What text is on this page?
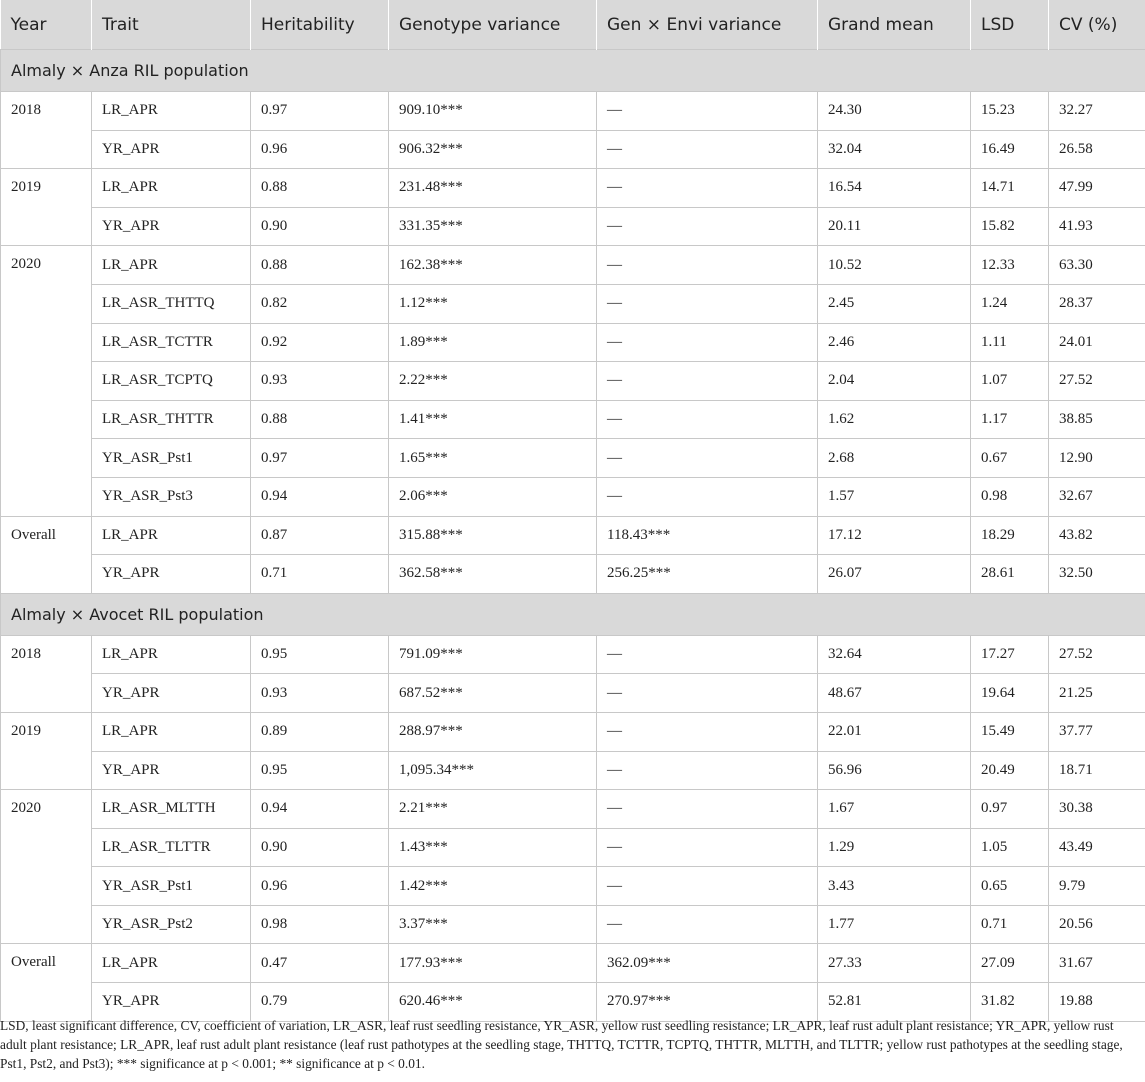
Year	Trait	Heritability	Genotype variance	Gen × Envi variance	Grand mean	LSD	CV (%)
Almaly × Anza RIL population							
2018	LR_APR	0.97	909.10***	—	24.30	15.23	32.27
	YR_APR	0.96	906.32***	—	32.04	16.49	26.58
2019	LR_APR	0.88	231.48***	—	16.54	14.71	47.99
	YR_APR	0.90	331.35***	—	20.11	15.82	41.93
2020	LR_APR	0.88	162.38***	—	10.52	12.33	63.30
	LR_ASR_THTTQ	0.82	1.12***	—	2.45	1.24	28.37
	LR_ASR_TCTTR	0.92	1.89***	—	2.46	1.11	24.01
	LR_ASR_TCPTQ	0.93	2.22***	—	2.04	1.07	27.52
	LR_ASR_THTTR	0.88	1.41***	—	1.62	1.17	38.85
	YR_ASR_Pst1	0.97	1.65***	—	2.68	0.67	12.90
	YR_ASR_Pst3	0.94	2.06***	—	1.57	0.98	32.67
Overall	LR_APR	0.87	315.88***	118.43***	17.12	18.29	43.82
	YR_APR	0.71	362.58***	256.25***	26.07	28.61	32.50
Almaly × Avocet RIL population							
2018	LR_APR	0.95	791.09***	—	32.64	17.27	27.52
	YR_APR	0.93	687.52***	—	48.67	19.64	21.25
2019	LR_APR	0.89	288.97***	—	22.01	15.49	37.77
	YR_APR	0.95	1,095.34***	—	56.96	20.49	18.71
2020	LR_ASR_MLTTH	0.94	2.21***	—	1.67	0.97	30.38
	LR_ASR_TLTTR	0.90	1.43***	—	1.29	1.05	43.49
	YR_ASR_Pst1	0.96	1.42***	—	3.43	0.65	9.79
	YR_ASR_Pst2	0.98	3.37***	—	1.77	0.71	20.56
Overall	LR_APR	0.47	177.93***	362.09***	27.33	27.09	31.67
	YR_APR	0.79	620.46***	270.97***	52.81	31.82	19.88
LSD, least significant difference, CV, coefficient of variation, LR_ASR, leaf rust seedling resistance, YR_ASR, yellow rust seedling resistance; LR_APR, leaf rust adult plant resistance; YR_APR, yellow rust adult plant resistance; LR_APR, leaf rust adult plant resistance (leaf rust pathotypes at the seedling stage, THTTQ, TCTTR, TCPTQ, THTTR, MLTTH, and TLTTR; yellow rust pathotypes at the seedling stage, Pst1, Pst2, and Pst3); *** significance at p < 0.001; ** significance at p < 0.01.
